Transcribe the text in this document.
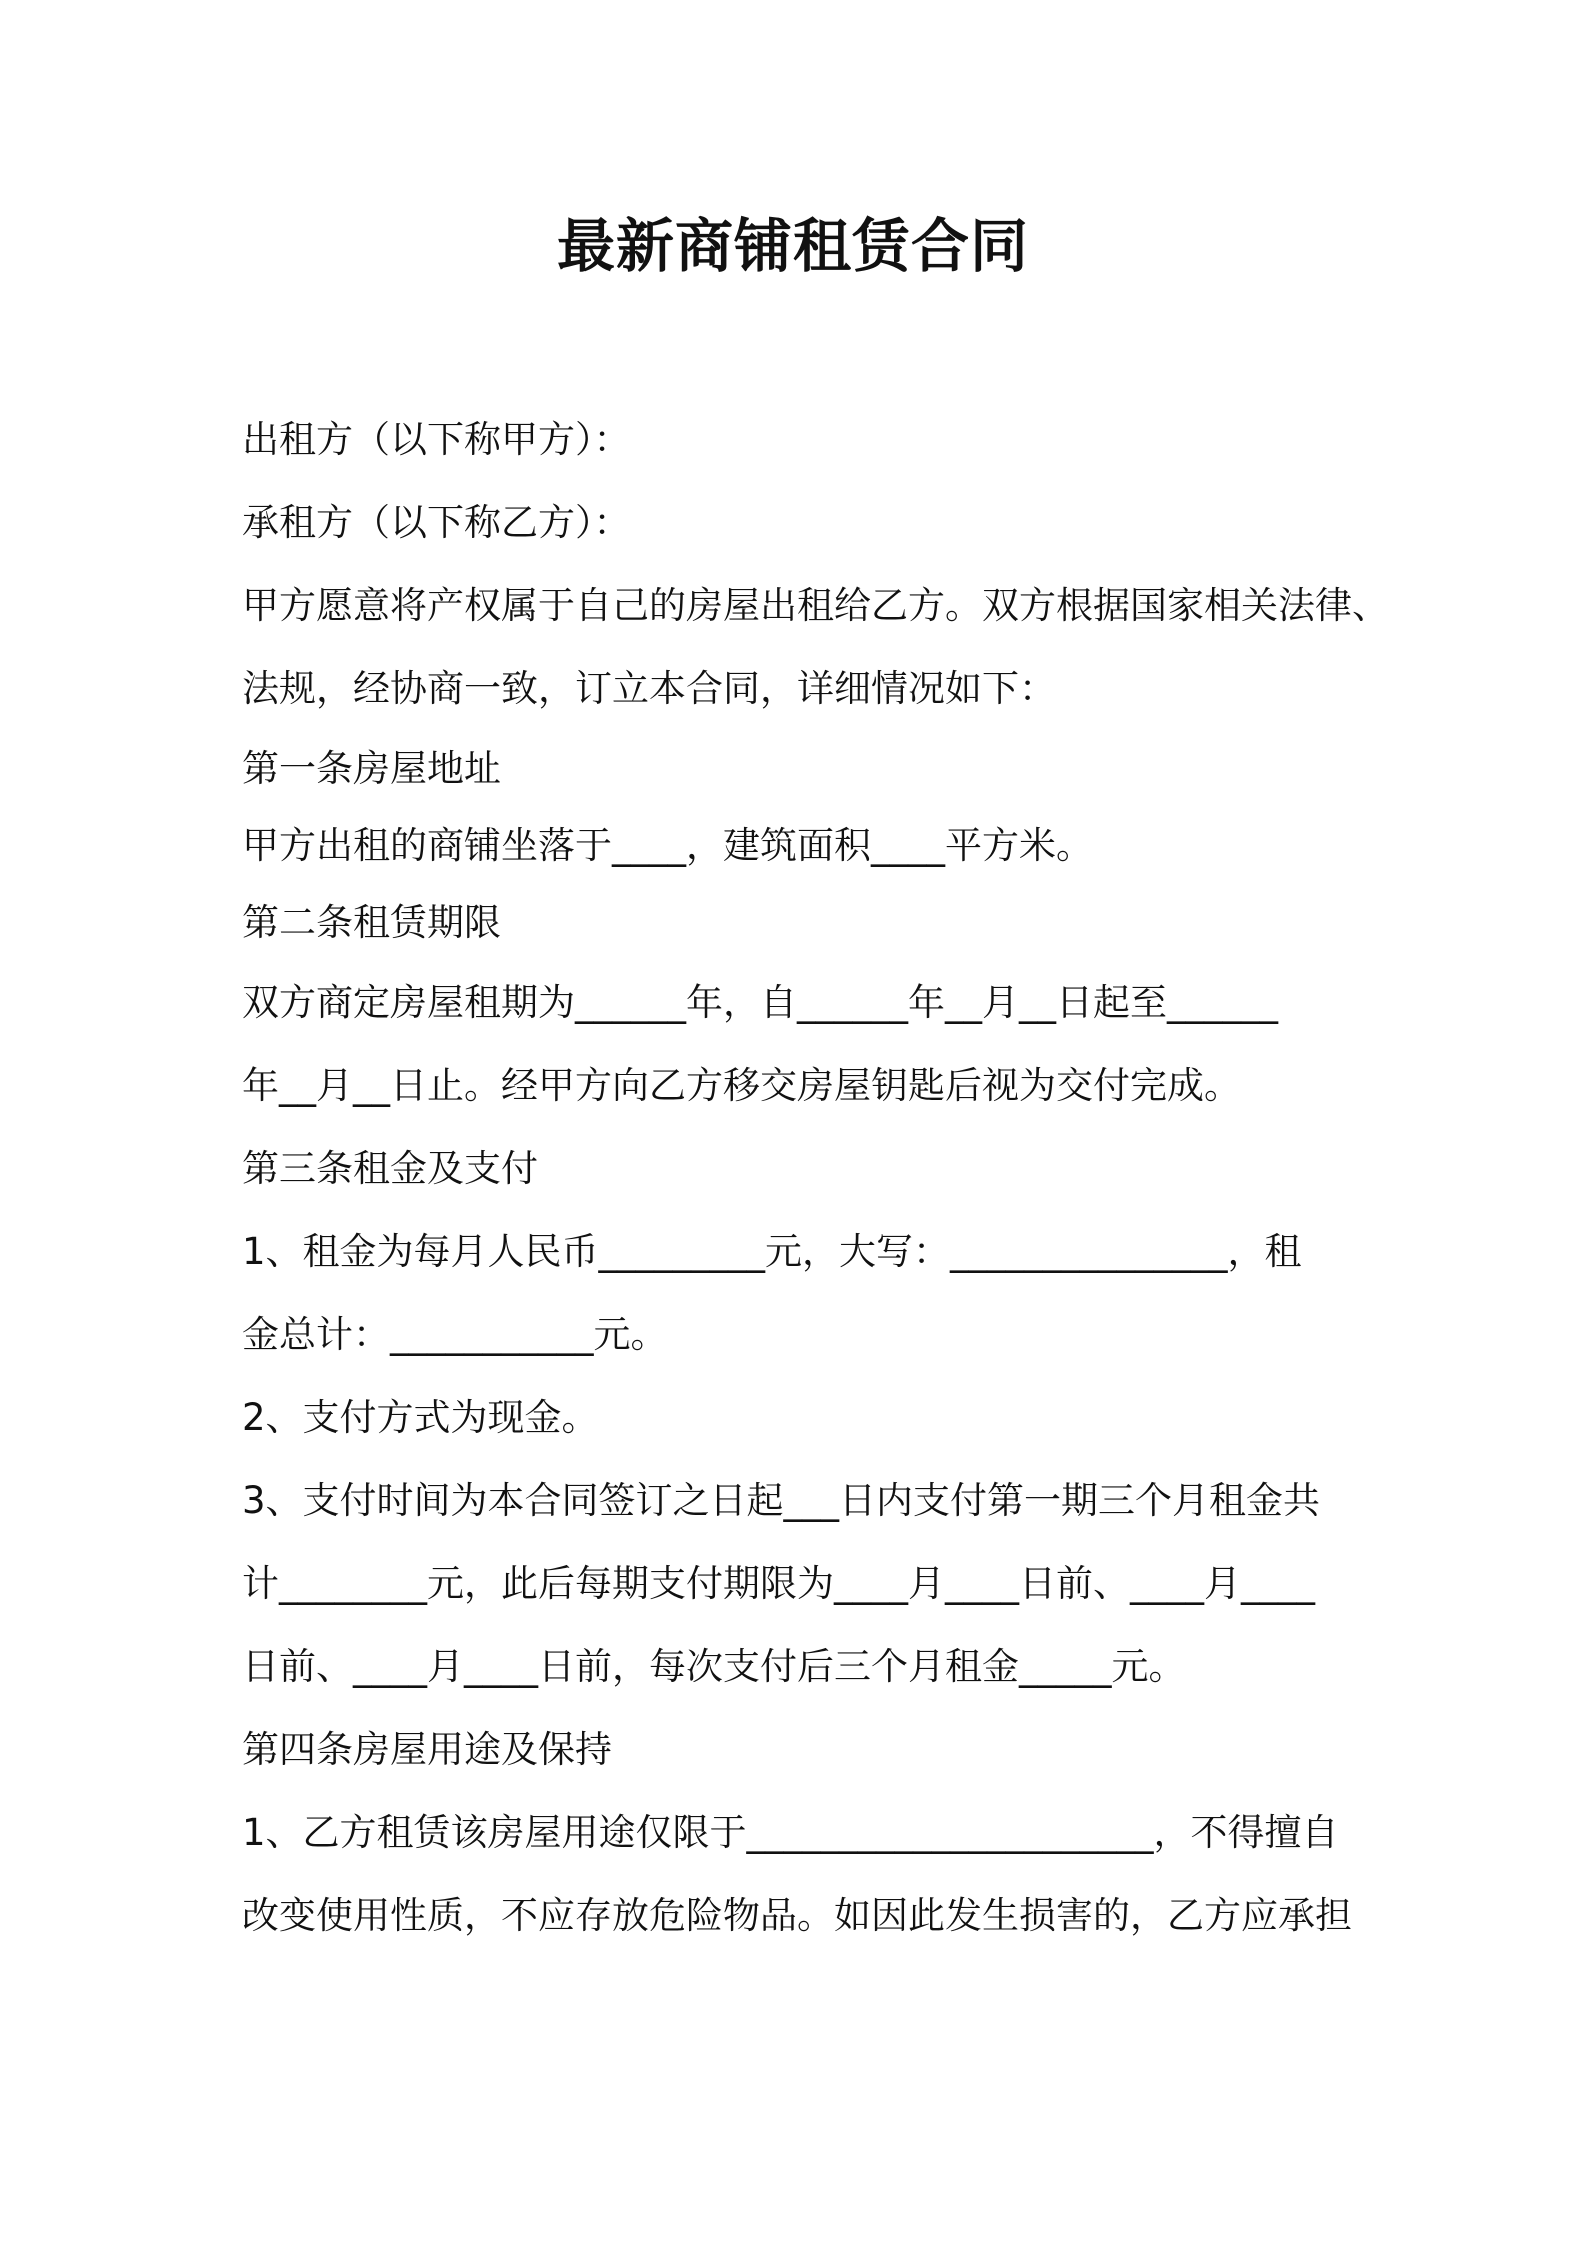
最新商铺租赁合同

出租方（以下称甲方）：

承租方（以下称乙方）：

甲方愿意将产权属于自己的房屋出租给乙方。双方根据国家相关法律、

法规，经协商一致，订立本合同，详细情况如下：

第一条房屋地址

甲方出租的商铺坐落于____，建筑面积____平方米。

第二条租赁期限

双方商定房屋租期为______年，自______年__月__日起至______

年__月__日止。经甲方向乙方移交房屋钥匙后视为交付完成。

第三条租金及支付

1、租金为每月人民币_________元，大写：_______________，租

金总计：___________元。

2、支付方式为现金。

3、支付时间为本合同签订之日起___日内支付第一期三个月租金共

计________元，此后每期支付期限为____月____日前、____月____

日前、____月____日前，每次支付后三个月租金_____元。

第四条房屋用途及保持

1、乙方租赁该房屋用途仅限于______________________，不得擅自

改变使用性质，不应存放危险物品。如因此发生损害的，乙方应承担
